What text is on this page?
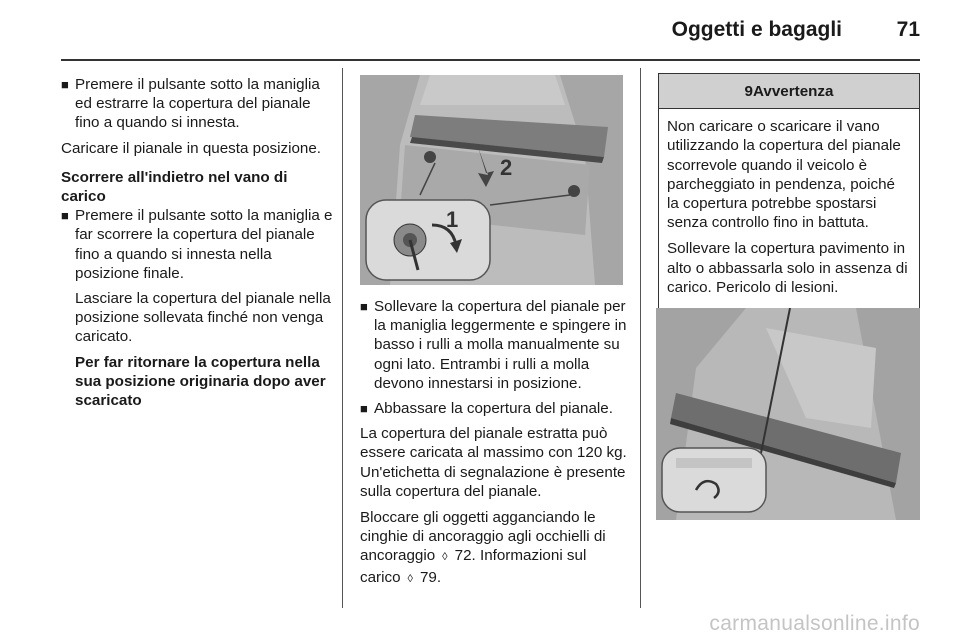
Oggetti e bagagli	71
■ Premere il pulsante sotto la maniglia ed estrarre la copertura del pianale fino a quando si innesta.
Caricare il pianale in questa posizione.
Scorrere all'indietro nel vano di carico
■ Premere il pulsante sotto la maniglia e far scorrere la copertura del pianale fino a quando si innesta nella posizione finale.
Lasciare la copertura del pianale nella posizione sollevata finché non venga caricato.
Per far ritornare la copertura nella sua posizione originaria dopo aver scaricato
2
1
■ Sollevare la copertura del pianale per la maniglia leggermente e spingere in basso i rulli a molla manualmente su ogni lato. Entrambi i rulli a molla devono innestarsi in posizione.
■ Abbassare la copertura del pianale.
La copertura del pianale estratta può essere caricata al massimo con 120 kg. Un'etichetta di segnalazione è presente sulla copertura del pianale.
Bloccare gli oggetti agganciando le cinghie di ancoraggio agli occhielli di ancoraggio ◊ 72. Informazioni sul carico ◊ 79.
9Avvertenza
Non caricare o scaricare il vano utilizzando la copertura del pianale scorrevole quando il veicolo è parcheggiato in pendenza, poiché la copertura potrebbe spostarsi senza controllo fino in battuta.
Sollevare la copertura pavimento in alto o abbassarla solo in assenza di carico. Pericolo di lesioni.
carmanualsonline.info
